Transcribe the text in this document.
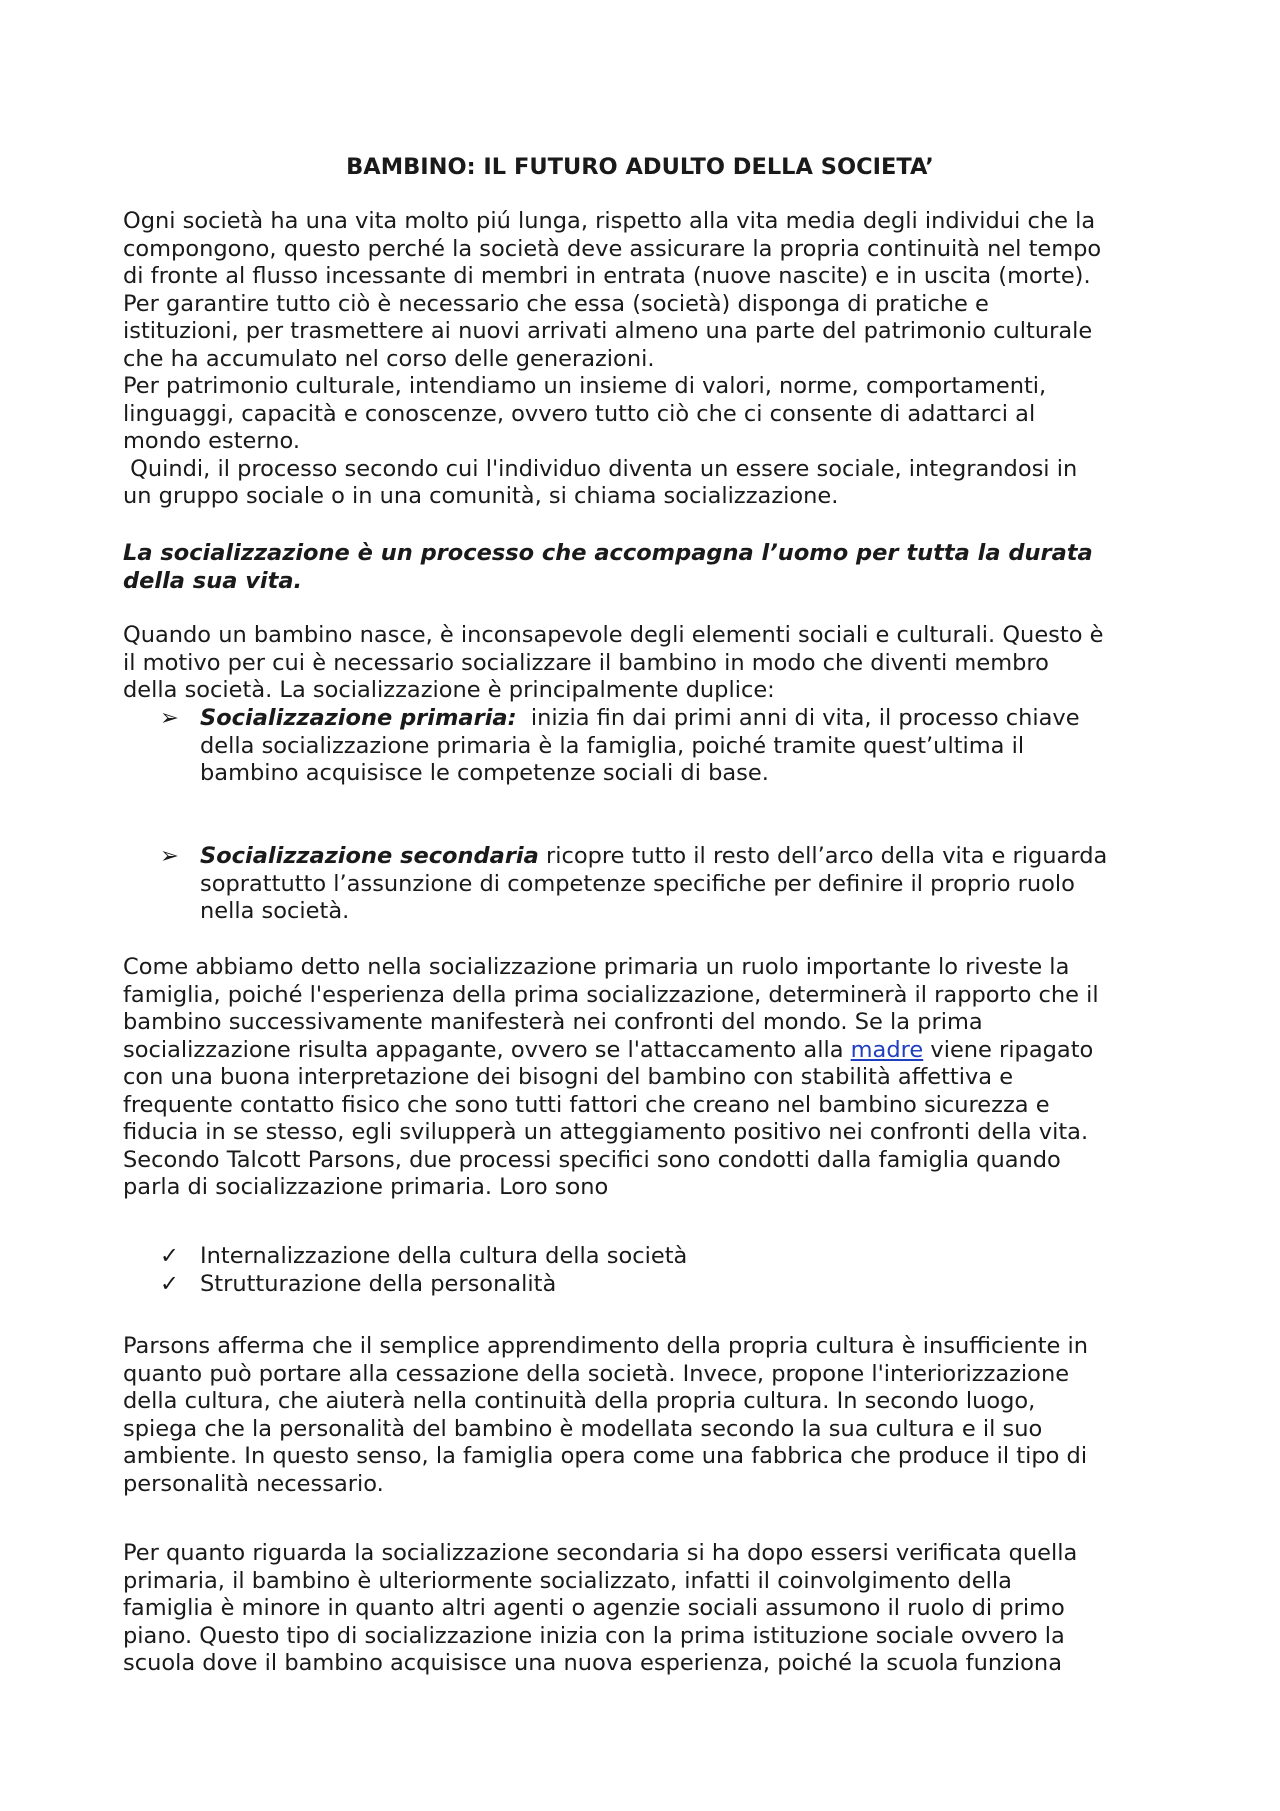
BAMBINO: IL FUTURO ADULTO DELLA SOCIETA’

Ogni società ha una vita molto piú lunga, rispetto alla vita media degli individui che la

compongono, questo perché la società deve assicurare la propria continuità nel tempo

di fronte al flusso incessante di membri in entrata (nuove nascite) e in uscita (morte).

Per garantire tutto ciò è necessario che essa (società) disponga di pratiche e

istituzioni, per trasmettere ai nuovi arrivati almeno una parte del patrimonio culturale

che ha accumulato nel corso delle generazioni.

Per patrimonio culturale, intendiamo un insieme di valori, norme, comportamenti,

linguaggi, capacità e conoscenze, ovvero tutto ciò che ci consente di adattarci al

mondo esterno.

Quindi, il processo secondo cui l'individuo diventa un essere sociale, integrandosi in

un gruppo sociale o in una comunità, si chiama socializzazione.

La socializzazione è un processo che accompagna l’uomo per tutta la durata

della sua vita.

Quando un bambino nasce, è inconsapevole degli elementi sociali e culturali. Questo è

il motivo per cui è necessario socializzare il bambino in modo che diventi membro

della società. La socializzazione è principalmente duplice:

➢ Socializzazione primaria:  inizia fin dai primi anni di vita, il processo chiave

della socializzazione primaria è la famiglia, poiché tramite quest’ultima il

bambino acquisisce le competenze sociali di base.

➢ Socializzazione secondaria ricopre tutto il resto dell’arco della vita e riguarda

soprattutto l’assunzione di competenze specifiche per definire il proprio ruolo

nella società.

Come abbiamo detto nella socializzazione primaria un ruolo importante lo riveste la

famiglia, poiché l'esperienza della prima socializzazione, determinerà il rapporto che il

bambino successivamente manifesterà nei confronti del mondo. Se la prima

socializzazione risulta appagante, ovvero se l'attaccamento alla madre viene ripagato

con una buona interpretazione dei bisogni del bambino con stabilità affettiva e

frequente contatto fisico che sono tutti fattori che creano nel bambino sicurezza e

fiducia in se stesso, egli svilupperà un atteggiamento positivo nei confronti della vita.

Secondo Talcott Parsons, due processi specifici sono condotti dalla famiglia quando

parla di socializzazione primaria. Loro sono

✓ Internalizzazione della cultura della società
✓ Strutturazione della personalità

Parsons afferma che il semplice apprendimento della propria cultura è insufficiente in

quanto può portare alla cessazione della società. Invece, propone l'interiorizzazione

della cultura, che aiuterà nella continuità della propria cultura. In secondo luogo,

spiega che la personalità del bambino è modellata secondo la sua cultura e il suo

ambiente. In questo senso, la famiglia opera come una fabbrica che produce il tipo di

personalità necessario.

Per quanto riguarda la socializzazione secondaria si ha dopo essersi verificata quella

primaria, il bambino è ulteriormente socializzato, infatti il coinvolgimento della

famiglia è minore in quanto altri agenti o agenzie sociali assumono il ruolo di primo

piano. Questo tipo di socializzazione inizia con la prima istituzione sociale ovvero la

scuola dove il bambino acquisisce una nuova esperienza, poiché la scuola funziona
